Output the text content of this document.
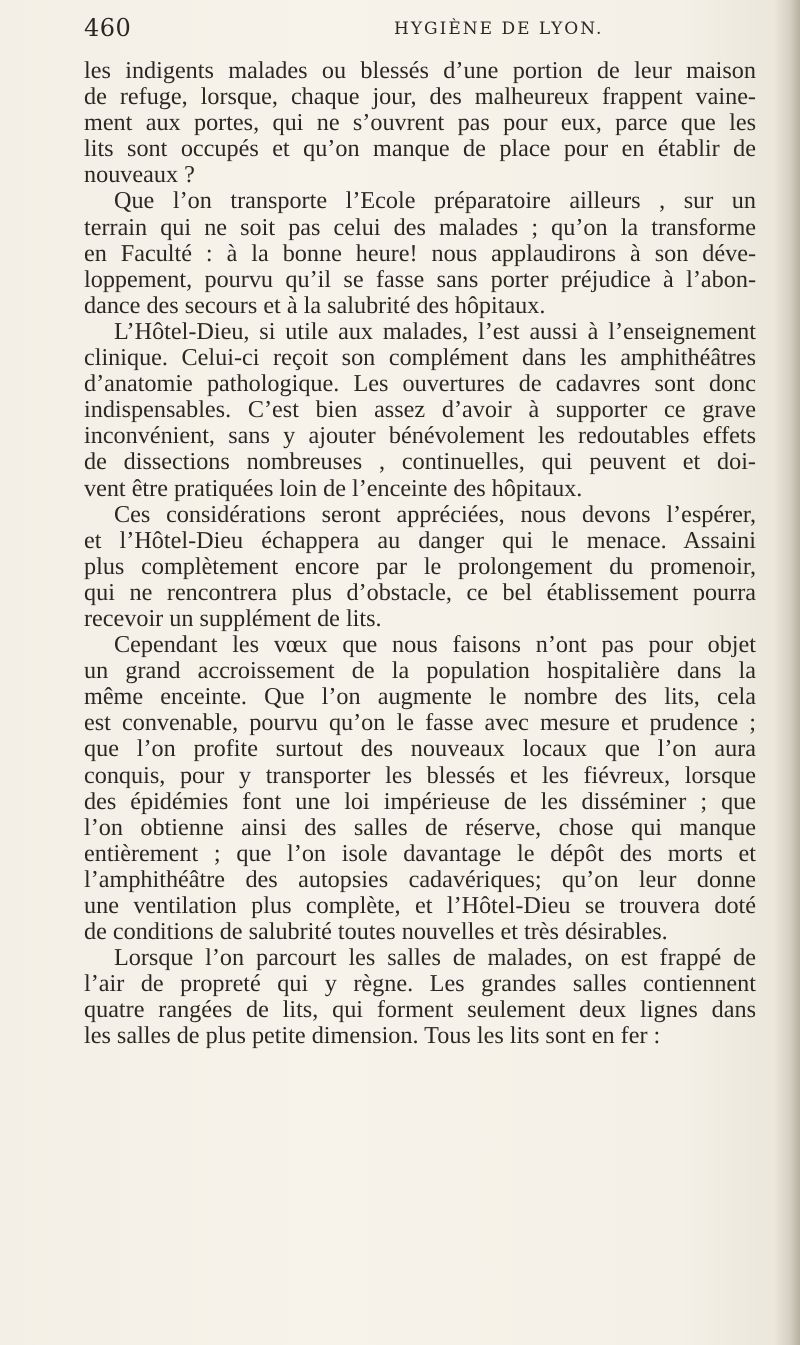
460	HYGIÈNE DE LYON.
les indigents malades ou blessés d’une portion de leur maison
de refuge, lorsque, chaque jour, des malheureux frappent vaine-
ment aux portes, qui ne s’ouvrent pas pour eux, parce que les
lits sont occupés et qu’on manque de place pour en établir de
nouveaux ?
Que l’on transporte l’Ecole préparatoire ailleurs , sur un
terrain qui ne soit pas celui des malades ; qu’on la transforme
en Faculté : à la bonne heure! nous applaudirons à son déve-
loppement, pourvu qu’il se fasse sans porter préjudice à l’abon-
dance des secours et à la salubrité des hôpitaux.
L’Hôtel-Dieu, si utile aux malades, l’est aussi à l’enseignement
clinique. Celui-ci reçoit son complément dans les amphithéâtres
d’anatomie pathologique. Les ouvertures de cadavres sont donc
indispensables. C’est bien assez d’avoir à supporter ce grave
inconvénient, sans y ajouter bénévolement les redoutables effets
de dissections nombreuses , continuelles, qui peuvent et doi-
vent être pratiquées loin de l’enceinte des hôpitaux.
Ces considérations seront appréciées, nous devons l’espérer,
et l’Hôtel-Dieu échappera au danger qui le menace. Assaini
plus complètement encore par le prolongement du promenoir,
qui ne rencontrera plus d’obstacle, ce bel établissement pourra
recevoir un supplément de lits.
Cependant les vœux que nous faisons n’ont pas pour objet
un grand accroissement de la population hospitalière dans la
même enceinte. Que l’on augmente le nombre des lits, cela
est convenable, pourvu qu’on le fasse avec mesure et prudence ;
que l’on profite surtout des nouveaux locaux que l’on aura
conquis, pour y transporter les blessés et les fiévreux, lorsque
des épidémies font une loi impérieuse de les disséminer ; que
l’on obtienne ainsi des salles de réserve, chose qui manque
entièrement ; que l’on isole davantage le dépôt des morts et
l’amphithéâtre des autopsies cadavériques; qu’on leur donne
une ventilation plus complète, et l’Hôtel-Dieu se trouvera doté
de conditions de salubrité toutes nouvelles et très désirables.
Lorsque l’on parcourt les salles de malades, on est frappé de
l’air de propreté qui y règne. Les grandes salles contiennent
quatre rangées de lits, qui forment seulement deux lignes dans
les salles de plus petite dimension. Tous les lits sont en fer :
